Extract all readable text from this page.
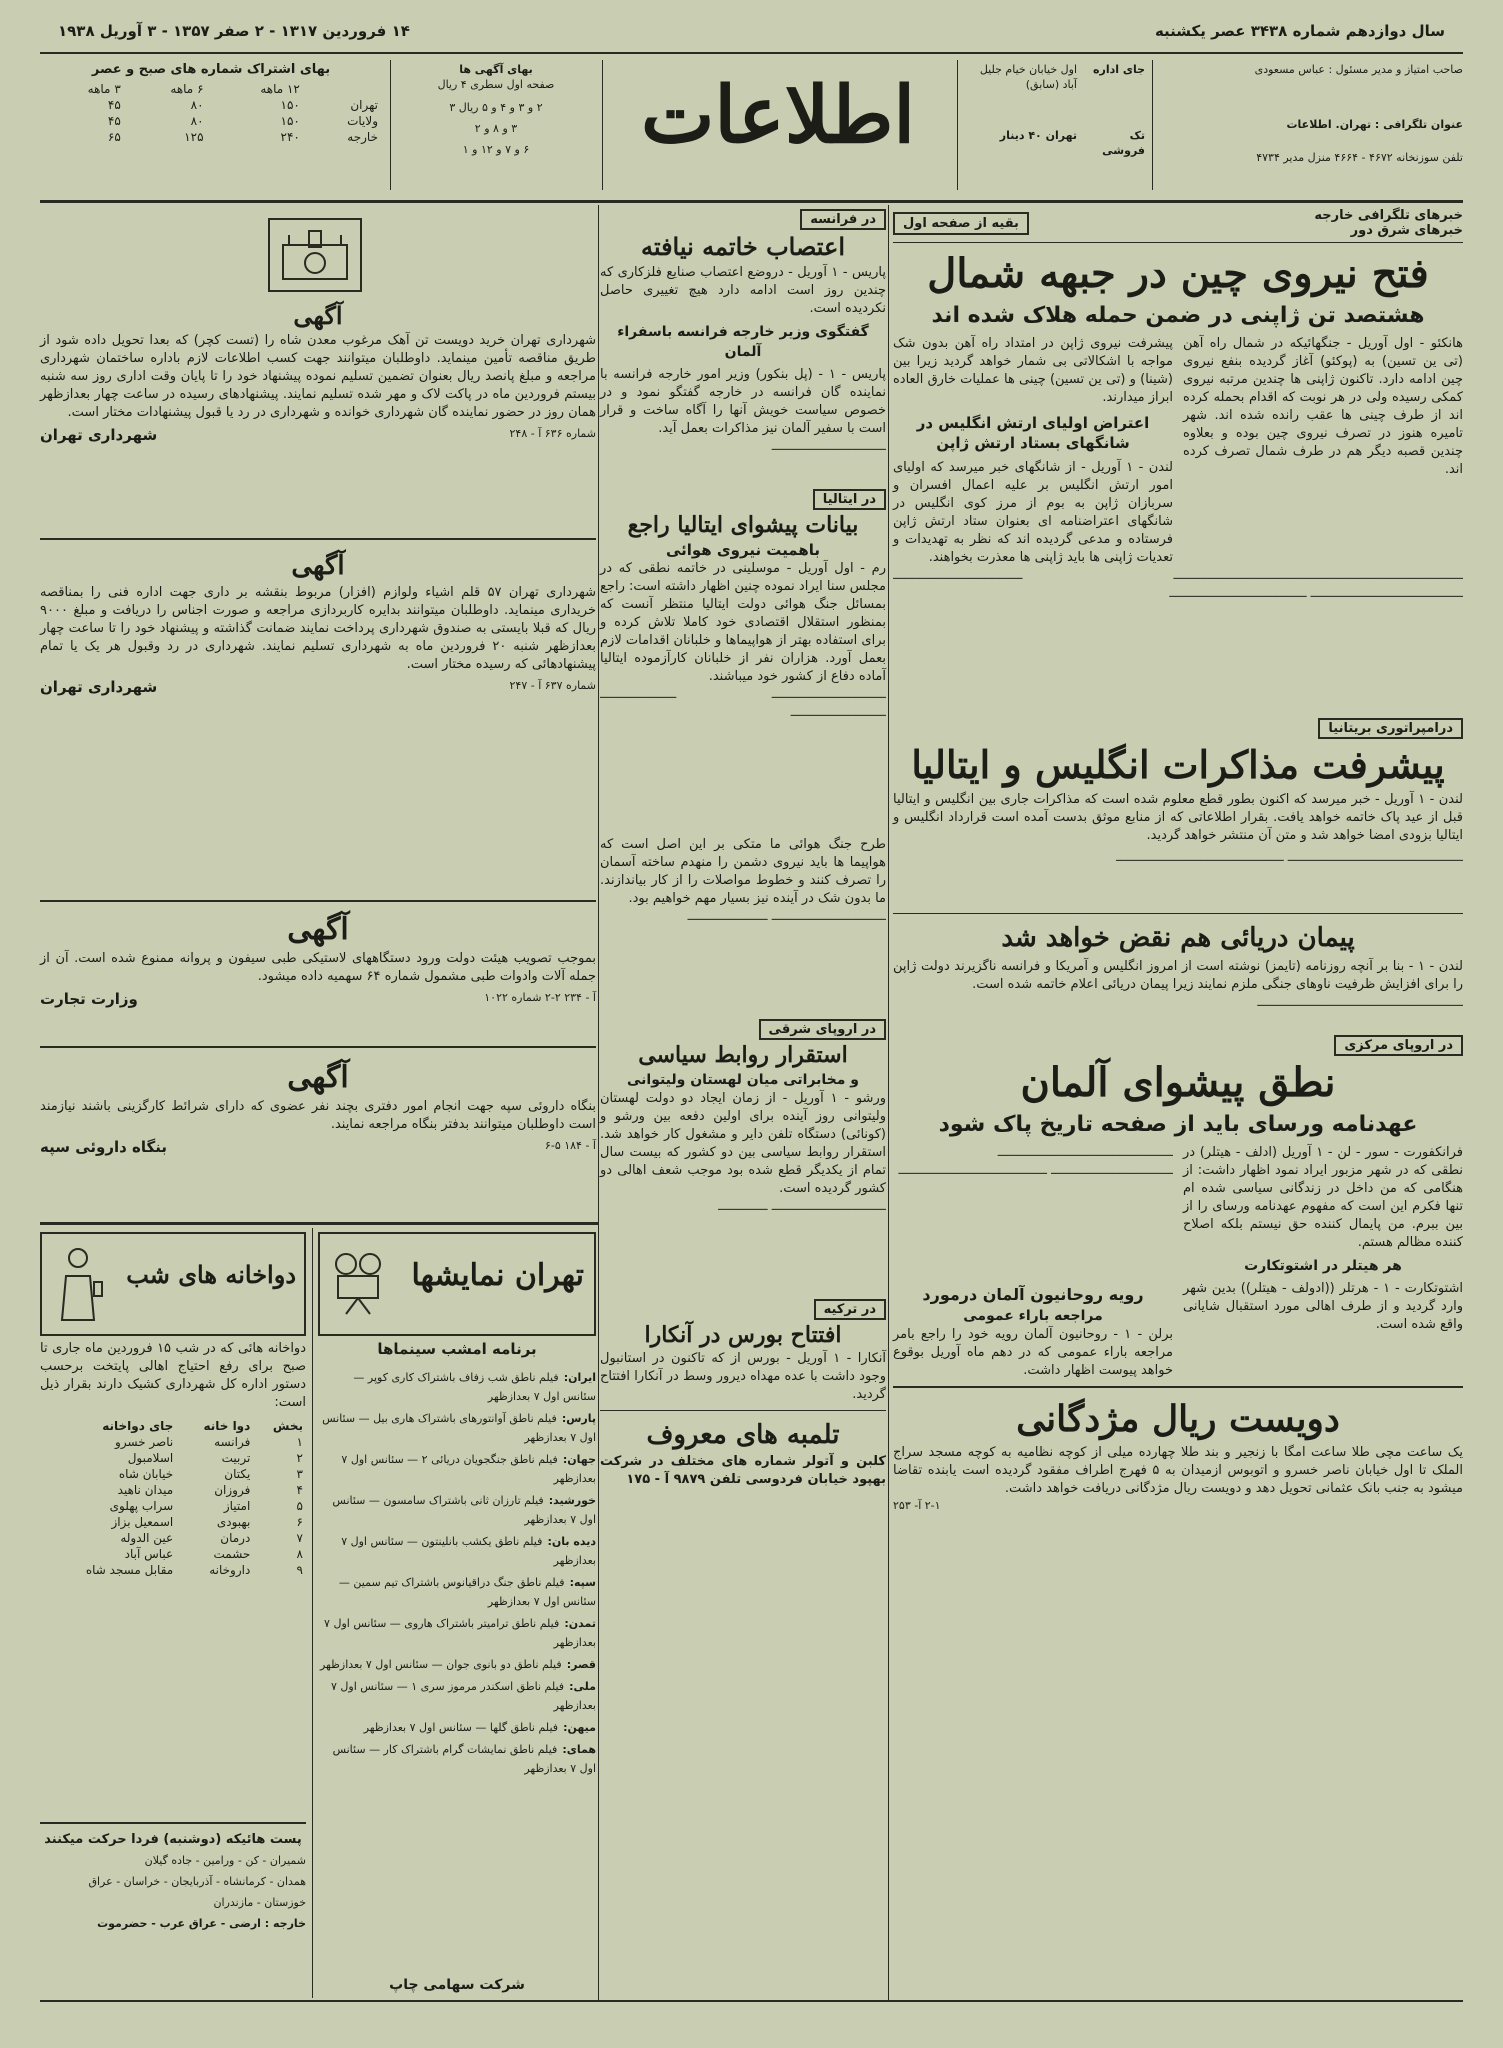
سال دوازدهم شماره ۳۴۳۸ عصر یکشنبه
۱۴ فروردین ۱۳۱۷ - ۲ صفر ۱۳۵۷ - ۳ آوریل ۱۹۳۸
صاحب امتیاز و مدیر مسئول : عباس مسعودی
عنوان تلگرافی : تهران. اطلاعات
تلفن سوزنخانه ۴۶۷۲ - ۴۶۶۴ منزل مدیر ۴۷۳۴
جای اداره
اول خیابان خیام جلیل آباد (سابق)
تک فروشی
تهران ۴۰ دینار
اطلاعات
بهای آگهی ها
صفحه اول سطری ۴ ریال
۲ و ۳ و ۴ و ۵ ریال ۳
۳ و ۸ و ۲
۶ و ۷ و ۱۲ و ۱
بهای اشتراک شماره های صبح و عصر
	۱۲ ماهه	۶ ماهه	۳ ماهه
تهران	۱۵۰	۸۰	۴۵
ولایات	۱۵۰	۸۰	۴۵
خارجه	۲۴۰	۱۲۵	۶۵
خبرهای تلگرافی خارجه
خبرهای شرق دور
بقیه از صفحه اول
فتح نیروی چین در جبهه شمال
هشتصد تن ژاپنی در ضمن حمله هلاک شده اند
هانکئو - اول آوریل - جنگهائیکه در شمال راه آهن (تی ین تسین) به (پوکئو) آغاز گردیده بنفع نیروی چین ادامه دارد. تاکنون ژاپنی ها چندین مرتبه نیروی کمکی رسیده ولی در هر نوبت که اقدام بحمله کرده اند از طرف چینی ها عقب رانده شده اند. شهر تامیره هنوز در تصرف نیروی چین بوده و بعلاوه چندین قصبه دیگر هم در طرف شمال تصرف کرده اند.
پیشرفت نیروی ژاپن در امتداد راه آهن بدون شک مواجه با اشکالاتی بی شمار خواهد گردید زیرا بین (شینا) و (تی ین تسین) چینی ها عملیات خارق العاده ابراز میدارند.
اعتراض اولیای ارتش انگلیس در شانگهای بستاد ارتش ژاپن
لندن - ۱ آوریل - از شانگهای خبر میرسد که اولیای امور ارتش انگلیس بر علیه اعمال افسران و سربازان ژاپن به بوم از مرز کوی انگلیس در شانگهای اعتراضنامه ای بعنوان ستاد ارتش ژاپن فرستاده و مدعی گردیده اند که نظر به تهدیدات و تعدیات ژاپنی ها باید ژاپنی ها معذرت بخواهند.
ــــــــــــــــــــــــــــــــــــــــــــــــــــــــــــــــــــــــــــ ــــــــــــــــــــــــــــــــــ ــــــــــــــــــــــــــــــــــــــــ ــــــــــــــــــــــــــــــــــــ
درامپراتوری بریتانیا
پیشرفت مذاکرات انگلیس و ایتالیا
لندن - ۱ آوریل - خبر میرسد که اکنون بطور قطع معلوم شده است که مذاکرات جاری بین انگلیس و ایتالیا قبل از عید پاک خاتمه خواهد یافت. بقرار اطلاعاتی که از منابع موثق بدست آمده است قرارداد انگلیس و ایتالیا بزودی امضا خواهد شد و متن آن منتشر خواهد گردید.
ــــــــــــــــــــــــــــــــــــــــــــــ ــــــــــــــــــــــــــــــــــــــــــــ
پیمان دریائی هم نقض خواهد شد
لندن - ۱ - بنا بر آنچه روزنامه (تایمز) نوشته است از امروز انگلیس و آمریکا و فرانسه ناگزیرند دولت ژاپن را برای افزایش ظرفیت ناوهای جنگی ملزم نمایند زیرا پیمان دریائی اعلام خاتمه شده است.
ــــــــــــــــــــــــــــــــــــــــــــــــــــــ
در اروپای مرکزی
نطق پیشوای آلمان
عهدنامه ورسای باید از صفحه تاریخ پاک شود
فرانکفورت - سور - لن - ۱ آوریل (ادلف - هیتلر) در نطقی که در شهر مزبور ایراد نمود اظهار داشت: از هنگامی که من داخل در زندگانی سیاسی شده ام تنها فکرم این است که مفهوم عهدنامه ورسای را از بین ببرم. من پایمال کننده حق نیستم بلکه اصلاح کننده مظالم هستم.
هر هیتلر در اشتوتکارت
اشتوتکارت - ۱ - هرتلر ((ادولف - هیتلر)) بدین شهر وارد گردید و از طرف اهالی مورد استقبال شایانی واقع شده است.
ــــــــــــــــــــــــــــــــــــــــــــــ ــــــــــــــــــــــــــــــــ ـــــــــــــــــــــــــــــــــــــــ
رویه روحانیون آلمان درمورد
مراجعه باراء عمومی
برلن - ۱ - روحانیون آلمان رویه خود را راجع بامر مراجعه باراء عمومی که در دهم ماه آوریل بوقوع خواهد پیوست اظهار داشت.
دویست ریال مژدگانی
یک ساعت مچی طلا ساعت امگا با زنجیر و بند طلا چهارده میلی از کوچه نظامیه به کوچه مسجد سراج الملک تا اول خیابان ناصر خسرو و اتوبوس ازمیدان به ۵ فهرج اطراف مفقود گردیده است یابنده تقاضا میشود به جنب بانک عثمانی تحویل دهد و دویست ریال مژدگانی دریافت خواهد داشت.
۲-۱ آ- ۲۵۳
در فرانسه
اعتصاب خاتمه نیافته
پاریس - ۱ آوریل - دروضع اعتصاب صنایع فلزکاری که چندین روز است ادامه دارد هیچ تغییری حاصل نکردیده است.
گفتگوی وزیر خارجه فرانسه باسفراء آلمان
پاریس - ۱ - (پل بنکور) وزیر امور خارجه فرانسه با نماینده گان فرانسه در خارجه گفتگو نمود و در خصوص سیاست خویش آنها را آگاه ساخت و قرار است با سفیر آلمان نیز مذاکرات بعمل آید.
ــــــــــــــــــــــــــــــ
در ایتالیا
بیانات پیشوای ایتالیا راجع
باهمیت نیروی هوائی
رم - اول آوریل - موسلینی در خاتمه نطقی که در مجلس سنا ایراد نموده چنین اظهار داشته است: راجع بمسائل جنگ هوائی دولت ایتالیا منتظر آنست که بمنظور استقلال اقتصادی خود کاملا تلاش کرده و برای استفاده بهتر از هواپیماها و خلبانان اقدامات لازم بعمل آورد. هزاران نفر از خلبانان کارآزموده ایتالیا آماده دفاع از کشور خود میباشند.
ــــــــــــــــــــــــــــــ ــــــــــــــــــــ ـــــــــــــــــــــــــ
طرح جنگ هوائی ما متکی بر این اصل است که هواپیما ها باید نیروی دشمن را منهدم ساخته آسمان را تصرف کنند و خطوط مواصلات را از کار بیاندازند. ما بدون شک در آینده نیز بسیار مهم خواهیم بود.
ــــــــــــــــــــــــــــــ ـــــــــــــــــــــ
در اروپای شرقی
استقرار روابط سیاسی
و مخابراتی میان لهستان ولیتوانی
ورشو - ۱ آوریل - از زمان ایجاد دو دولت لهستان ولیتوانی روز آینده برای اولین دفعه بین ورشو و (کونائی) دستگاه تلفن دایر و مشغول کار خواهد شد. استقرار روابط سیاسی بین دو کشور که بیست سال تمام از یکدیگر قطع شده بود موجب شعف اهالی دو کشور گردیده است.
ــــــــــــــــــــــــــــــ ـــــــــــــ
در ترکیه
افتتاح بورس در آنکارا
آنکارا - ۱ آوریل - بورس از که تاکنون در استانبول وجود داشت با عده مهداه دیرور وسط در آنکارا افتتاح گردید.
تلمبه های معروف
کلبن و آتولر شماره های مختلف در شرکت بهپود خیابان فردوسی تلفن ۹۸۷۹ آ - ۱۷۵
آگهی
شهرداری تهران خرید دویست تن آهک مرغوب معدن شاه را (تست کچر) که بعدا تحویل داده شود از طریق مناقصه تأمین مینماید. داوطلبان میتوانند جهت کسب اطلاعات لازم باداره ساختمان شهرداری مراجعه و مبلغ پانصد ریال بعنوان تضمین تسلیم نموده پیشنهاد خود را تا پایان وقت اداری روز سه شنبه بیستم فروردین ماه در پاکت لاک و مهر شده تسلیم نمایند. پیشنهادهای رسیده در ساعت چهار بعدازظهر همان روز در حضور نماینده گان شهرداری خوانده و شهرداری در رد یا قبول پیشنهادات مختار است.
شماره ۶۳۶ آ - ۲۴۸
شهرداری تهران
آگهی
شهرداری تهران ۵۷ قلم اشیاء ولوازم (افزار) مربوط بنقشه بر داری جهت اداره فنی را بمناقصه خریداری مینماید. داوطلبان میتوانند بدایره کاربردازی مراجعه و صورت اجناس را دریافت و مبلغ ۹۰۰۰ ریال که قبلا بایستی به صندوق شهرداری پرداخت نمایند ضمانت گذاشته و پیشنهاد خود را تا ساعت چهار بعدازظهر شنبه ۲۰ فروردین ماه به شهرداری تسلیم نمایند. شهرداری در رد وقبول هر یک یا تمام پیشنهادهائی که رسیده مختار است.
شماره ۶۳۷ آ - ۲۴۷
شهرداری تهران
آگهی
بموجب تصویب هیئت دولت ورود دستگاههای لاستیکی طبی سیفون و پروانه ممنوع شده است. آن از جمله آلات وادوات طبی مشمول شماره ۶۴ سهمیه داده میشود.
آ - ۲۳۴ ۲-۲ شماره ۱۰۲۲
وزارت تجارت
آگهی
بنگاه داروئی سپه جهت انجام امور دفتری بچند نفر عضوی که دارای شرائط کارگزینی باشند نیازمند است داوطلبان میتوانند بدفتر بنگاه مراجعه نمایند.
آ - ۱۸۴ ۵-۶
بنگاه داروئی سپه
تهران نمایشها
برنامه امشب سینماها
ایران: فیلم ناطق شب زفاف باشتراک کاری کوپر — سئانس اول ۷ بعدازظهر
پارس: فیلم ناطق آوانتورهای باشتراک هاری بیل — سئانس اول ۷ بعدازظهر
جهان: فیلم ناطق جنگجویان دریائی ۲ — سئانس اول ۷ بعدازظهر
خورشید: فیلم تارزان ثانی باشتراک سامسون — سئانس اول ۷ بعدازظهر
دیده بان: فیلم ناطق یکشب بانلینتون — سئانس اول ۷ بعدازظهر
سپه: فیلم ناطق جنگ دراقیانوس باشتراک تیم سمین — سئانس اول ۷ بعدازظهر
تمدن: فیلم ناطق ترامیتر باشتراک هاروی — سئانس اول ۷ بعدازظهر
قصر: فیلم ناطق دو بانوی جوان — سئانس اول ۷ بعدازظهر
ملی: فیلم ناطق اسکندر مرموز سری ۱ — سئانس اول ۷ بعدازظهر
میهن: فیلم ناطق گلها — سئانس اول ۷ بعدازظهر
همای: فیلم ناطق نمایشات گرام باشتراک کار — سئانس اول ۷ بعدازظهر
شرکت سهامی چاپ
دواخانه های شب
دواخانه هائی که در شب ۱۵ فروردین ماه جاری تا صبح برای رفع احتیاج اهالی پایتخت برحسب دستور اداره کل شهرداری کشیک دارند بقرار ذیل است:
بخش	دوا خانه	جای دواخانه
۱	فرانسه	ناصر خسرو
۲	تربیت	اسلامبول
۳	یکتان	خیابان شاه
۴	فروزان	میدان ناهید
۵	امتیاز	سراب پهلوی
۶	بهبودی	اسمعیل بزاز
۷	درمان	عین الدوله
۸	حشمت	عباس آباد
۹	داروخانه	مقابل مسجد شاه
پست هائیکه (دوشنبه) فردا حرکت میکنند
شمیران - کن - ورامین - جاده گیلان
همدان - کرمانشاه - آذربایجان - خراسان - عراق
خوزستان - مازندران
خارجه : ارضی - عراق عرب - حضرموت
